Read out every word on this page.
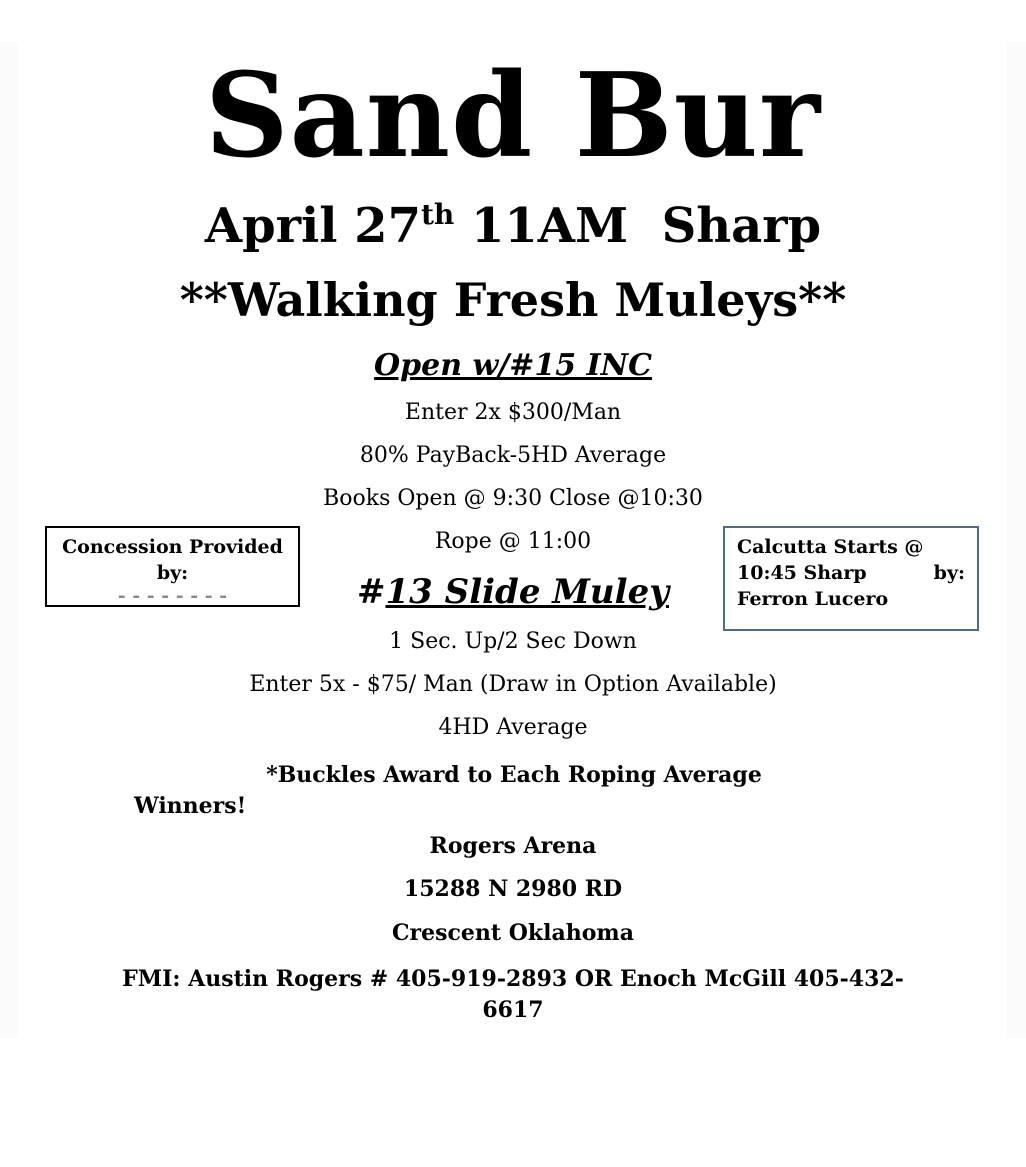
Sand Bur
April 27th 11AM  Sharp
**Walking Fresh Muleys**
Open w/#15 INC
Enter 2x $300/Man
80% PayBack-5HD Average
Books Open @ 9:30 Close @10:30
Rope @ 11:00
#13 Slide Muley
1 Sec. Up/2 Sec Down
Enter 5x - $75/ Man (Draw in Option Available)
4HD Average
*Buckles Award to Each Roping Average
Winners!
Rogers Arena
15288 N 2980 RD
Crescent Oklahoma
FMI: Austin Rogers # 405-919-2893 OR Enoch McGill 405-432-6617
Concession Provided
by:
- - - - - - - -
Calcutta Starts @
10:45 Sharp	by:
Ferron Lucero
